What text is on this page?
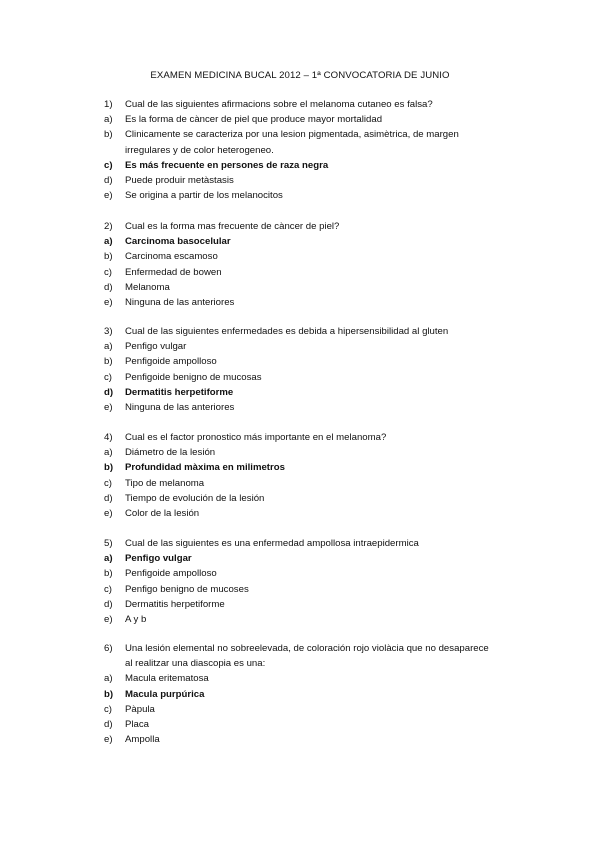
EXAMEN MEDICINA BUCAL 2012 – 1ª CONVOCATORIA DE JUNIO
1)	Cual de las siguientes afirmacions sobre el melanoma cutaneo es falsa?
a)	Es la forma de càncer de piel que produce mayor mortalidad
b)	Clinicamente se caracteriza por una lesion pigmentada, asimètrica, de margen
irregulares y de color heterogeneo.
c)	Es más frecuente en persones de raza negra
d)	Puede produir metàstasis
e)	Se origina a partir de los melanocitos
2)	Cual es la forma mas frecuente de càncer de piel?
a)	Carcinoma basocelular
b)	Carcinoma escamoso
c)	Enfermedad de bowen
d)	Melanoma
e)	Ninguna de las anteriores
3)	Cual de las siguientes enfermedades es debida a hipersensibilidad al gluten
a)	Penfigo vulgar
b)	Penfigoide ampolloso
c)	Penfigoide benigno de mucosas
d)	Dermatitis herpetiforme
e)	Ninguna de las anteriores
4)	Cual es el factor pronostico más importante en el melanoma?
a)	Diámetro de la lesión
b)	Profundidad màxima en milimetros
c)	Tipo de melanoma
d)	Tiempo de evolución de la lesión
e)	Color de la lesión
5)	Cual de las siguientes es una enfermedad ampollosa intraepidermica
a)	Penfigo vulgar
b)	Penfigoide ampolloso
c)	Penfigo benigno de mucoses
d)	Dermatitis herpetiforme
e)	A y b
6)	Una lesión elemental no sobreelevada, de coloración rojo violàcia que no desaparece
al realitzar una diascopia es una:
a)	Macula eritematosa
b)	Macula purpúrica
c)	Pàpula
d)	Placa
e)	Ampolla
